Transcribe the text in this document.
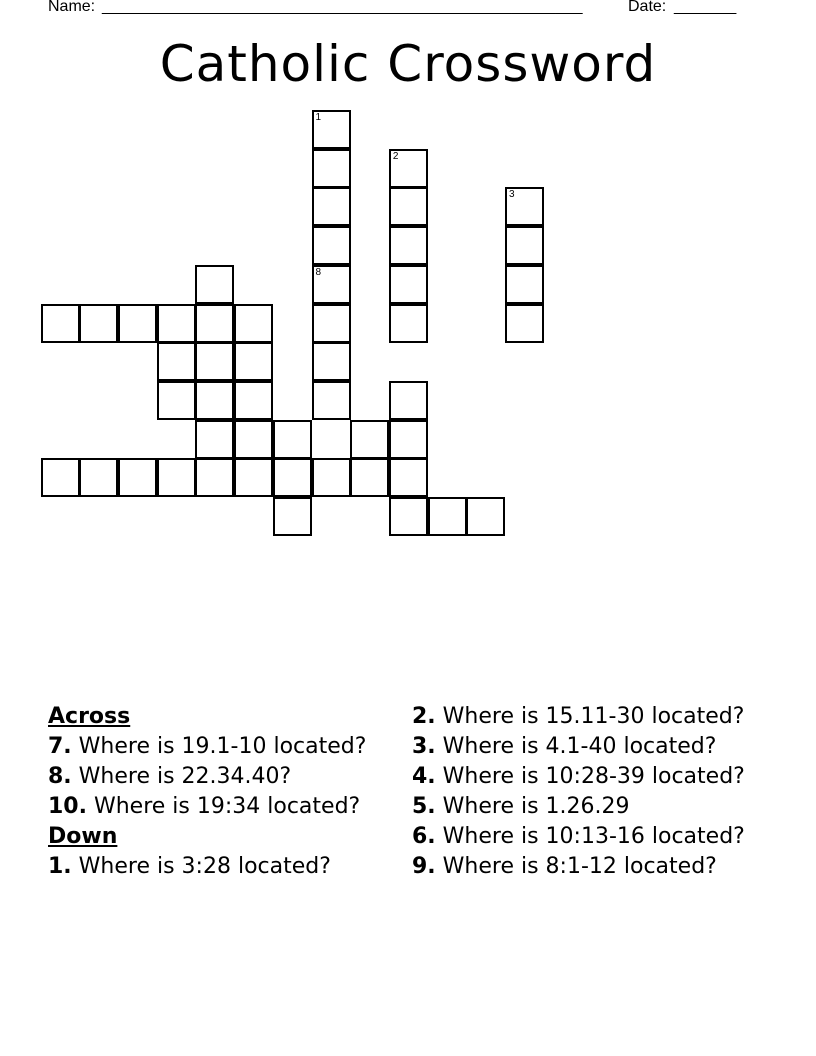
Name: ______________________________________________________	Date: _______
Catholic Crossword
1
8
2
3
Across
7. Where is 19.1-10 located?
8. Where is 22.34.40?
10. Where is 19:34 located?
Down
1. Where is 3:28 located?
2. Where is 15.11-30 located?
3. Where is 4.1-40 located?
4. Where is 10:28-39 located?
5. Where is 1.26.29
6. Where is 10:13-16 located?
9. Where is 8:1-12 located?
